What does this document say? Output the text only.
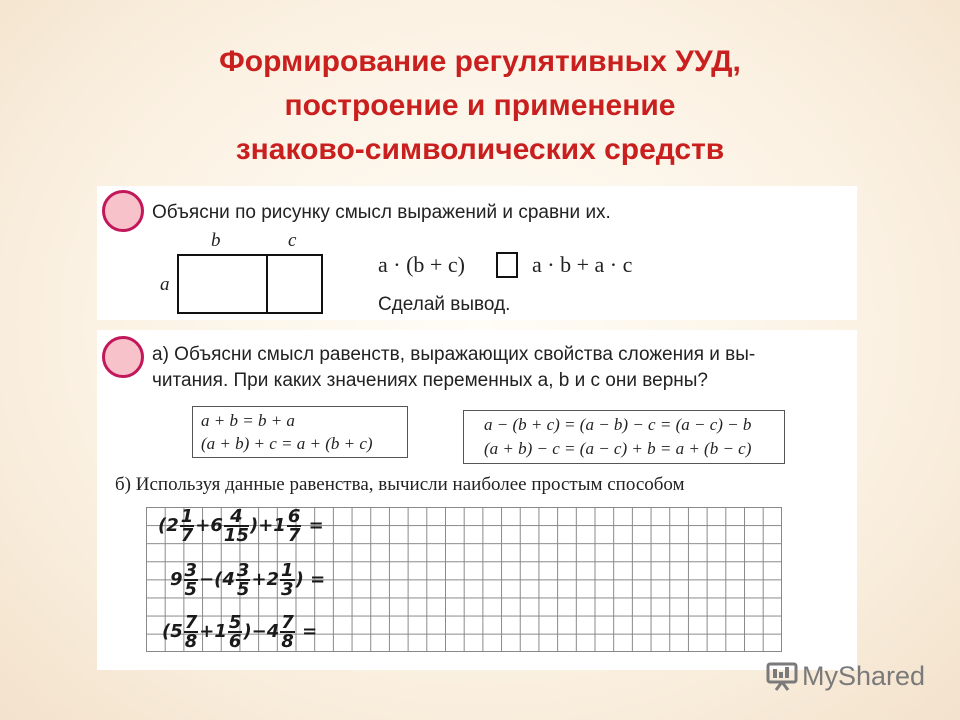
Формирование регулятивных УУД,
построение и применение
знаково-символических средств
Объясни по рисунку смысл выражений и сравни их.
b	c
a
a · (b + c)	a · b + a · c
Сделай вывод.
а) Объясни смысл равенств, выражающих свойства сложения и вы-
читания. При каких значениях переменных a, b и c они верны?
a + b = b + a
(a + b) + c = a + (b + c)
a − (b + c) = (a − b) − c = (a − c) − b
(a + b) − c = (a − c) + b = a + (b − c)
б) Используя данные равенства, вычисли наиболее простым способом
$(2 \frac{1}{7} +6 \frac{4}{15} )+1 \frac{6}{7}$ =
$9 \frac{3}{5} -(4 \frac{3}{5} +2 \frac{1}{3}$ ) =
$(5 \frac{7}{8} +1 \frac{5}{6} )-4 \frac{7}{8}$ =
MyShared
